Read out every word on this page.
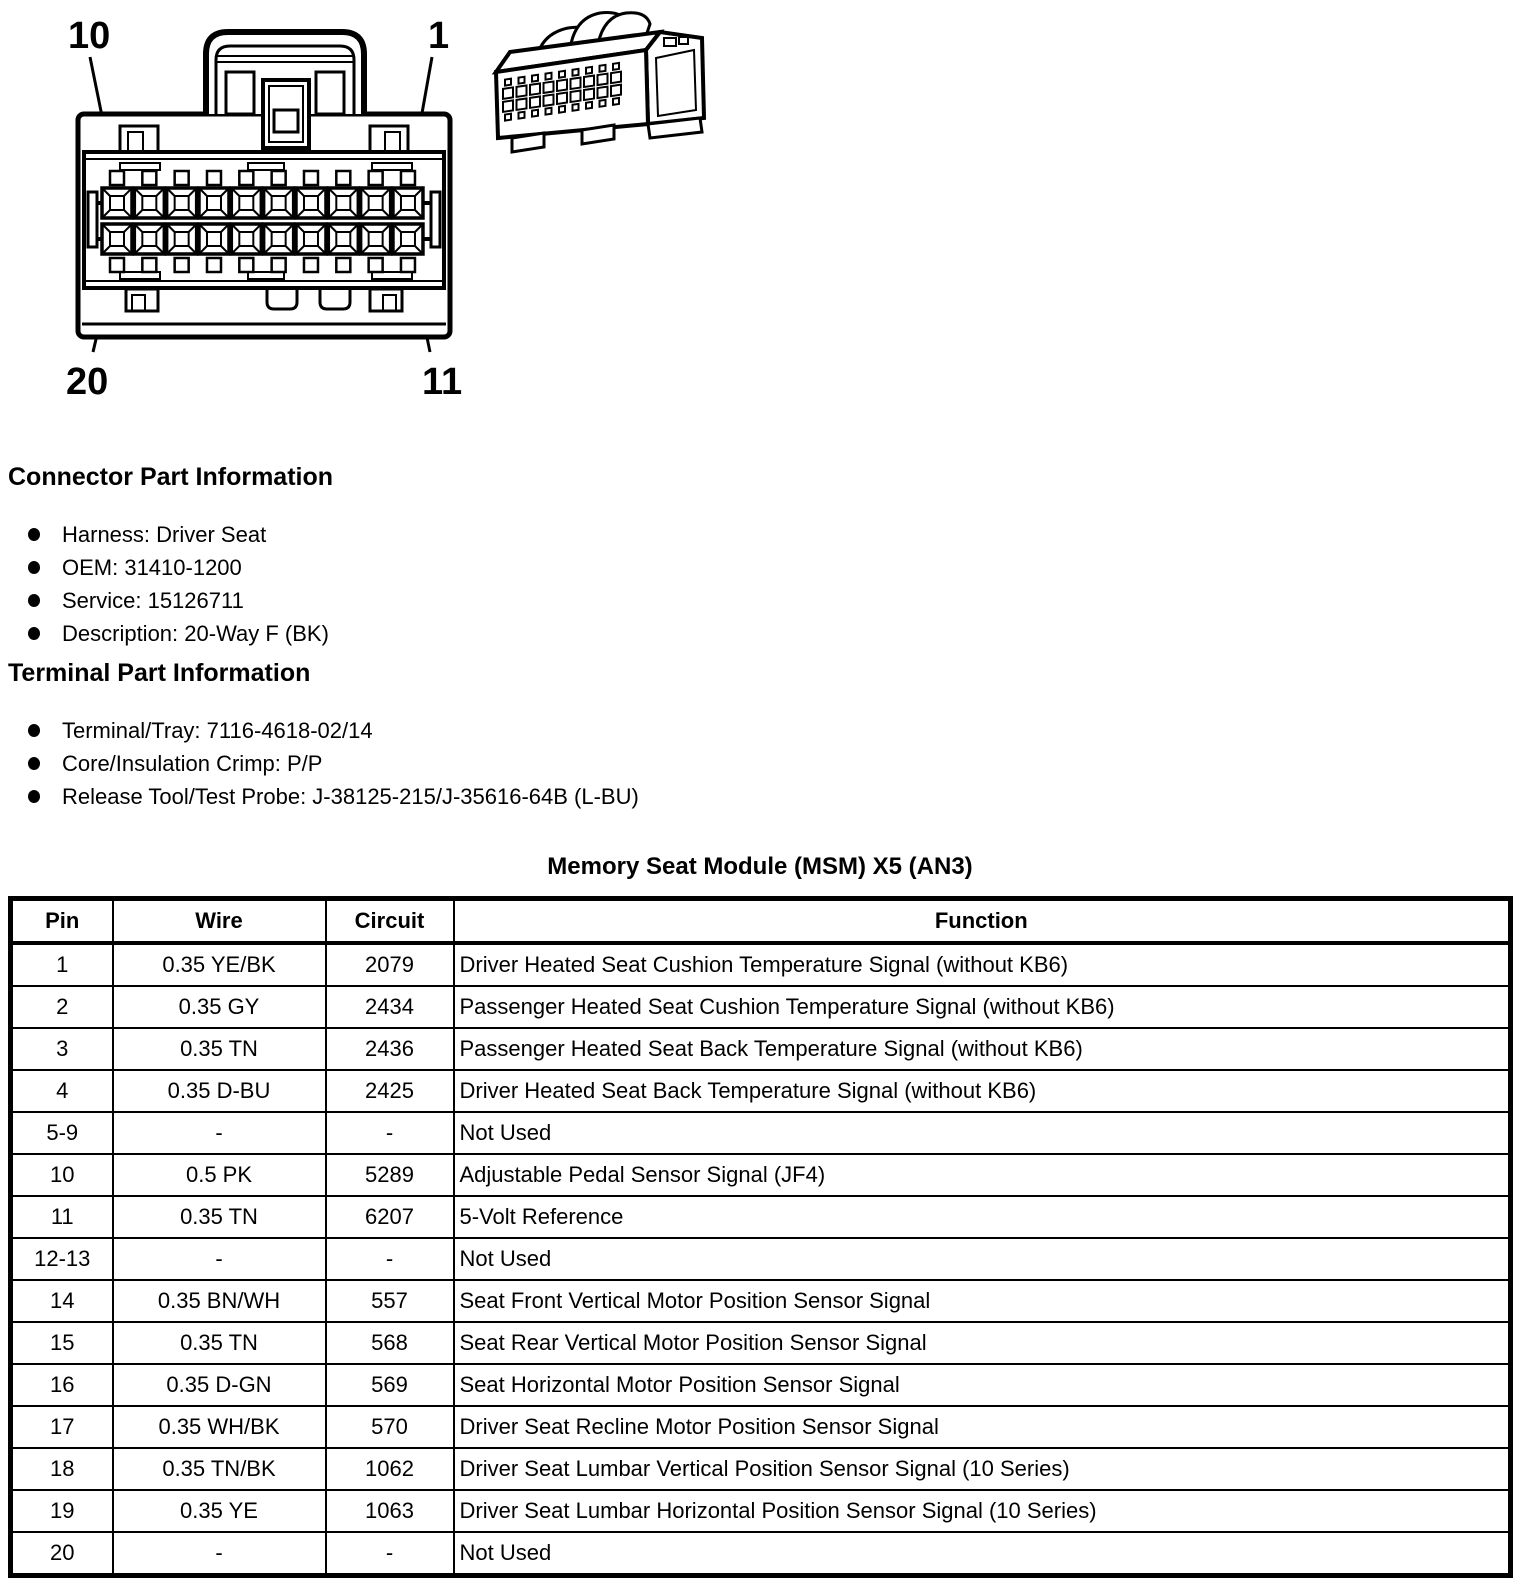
10	1
20	11
Connector Part Information
Harness: Driver Seat
OEM: 31410-1200
Service: 15126711
Description: 20-Way F (BK)
Terminal Part Information
Terminal/Tray: 7116-4618-02/14
Core/Insulation Crimp: P/P
Release Tool/Test Probe: J-38125-215/J-35616-64B (L-BU)
Memory Seat Module (MSM) X5 (AN3)
Pin	Wire	Circuit	Function
1	0.35 YE/BK	2079	Driver Heated Seat Cushion Temperature Signal (without KB6)
2	0.35 GY	2434	Passenger Heated Seat Cushion Temperature Signal (without KB6)
3	0.35 TN	2436	Passenger Heated Seat Back Temperature Signal (without KB6)
4	0.35 D-BU	2425	Driver Heated Seat Back Temperature Signal (without KB6)
5-9	-	-	Not Used
10	0.5 PK	5289	Adjustable Pedal Sensor Signal (JF4)
11	0.35 TN	6207	5-Volt Reference
12-13	-	-	Not Used
14	0.35 BN/WH	557	Seat Front Vertical Motor Position Sensor Signal
15	0.35 TN	568	Seat Rear Vertical Motor Position Sensor Signal
16	0.35 D-GN	569	Seat Horizontal Motor Position Sensor Signal
17	0.35 WH/BK	570	Driver Seat Recline Motor Position Sensor Signal
18	0.35 TN/BK	1062	Driver Seat Lumbar Vertical Position Sensor Signal (10 Series)
19	0.35 YE	1063	Driver Seat Lumbar Horizontal Position Sensor Signal (10 Series)
20	-	-	Not Used
